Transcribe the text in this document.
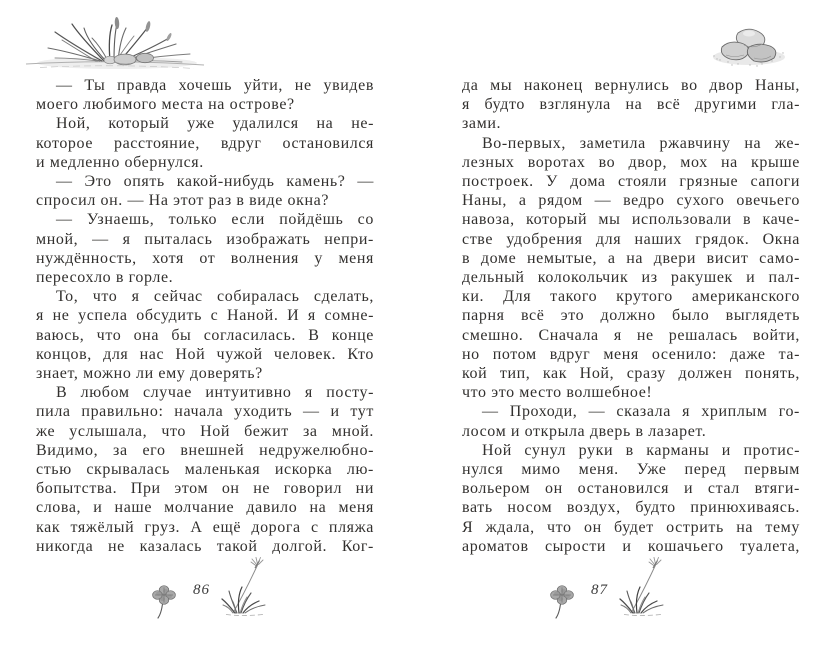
— Ты правда хочешь уйти, не увидев
моего любимого места на острове?
Ной, который уже удалился на не-
которое расстояние, вдруг остановился
и медленно обернулся.
— Это опять какой-нибудь камень? —
спросил он. — На этот раз в виде окна?
— Узнаешь, только если пойдёшь со
мной, — я пыталась изображать непри-
нуждённость, хотя от волнения у меня
пересохло в горле.
То, что я сейчас собиралась сделать,
я не успела обсудить с Наной. И я сомне-
ваюсь, что она бы согласилась. В конце
концов, для нас Ной чужой человек. Кто
знает, можно ли ему доверять?
В любом случае интуитивно я посту-
пила правильно: начала уходить — и тут
же услышала, что Ной бежит за мной.
Видимо, за его внешней недружелюбно-
стью скрывалась маленькая искорка лю-
бопытства. При этом он не говорил ни
слова, и наше молчание давило на меня
как тяжёлый груз. А ещё дорога с пляжа
никогда не казалась такой долгой. Ког-
да мы наконец вернулись во двор Наны,
я будто взглянула на всё другими гла-
зами.
Во-первых, заметила ржавчину на же-
лезных воротах во двор, мох на крыше
построек. У дома стояли грязные сапоги
Наны, а рядом — ведро сухого овечьего
навоза, который мы использовали в каче-
стве удобрения для наших грядок. Окна
в доме немытые, а на двери висит само-
дельный колокольчик из ракушек и пал-
ки. Для такого крутого американского
парня всё это должно было выглядеть
смешно. Сначала я не решалась войти,
но потом вдруг меня осенило: даже та-
кой тип, как Ной, сразу должен понять,
что это место волшебное!
— Проходи, — сказала я хриплым го-
лосом и открыла дверь в лазарет.
Ной сунул руки в карманы и протис-
нулся мимо меня. Уже перед первым
вольером он остановился и стал втяги-
вать носом воздух, будто принюхиваясь.
Я ждала, что он будет острить на тему
ароматов сырости и кошачьего туалета,
86	87
